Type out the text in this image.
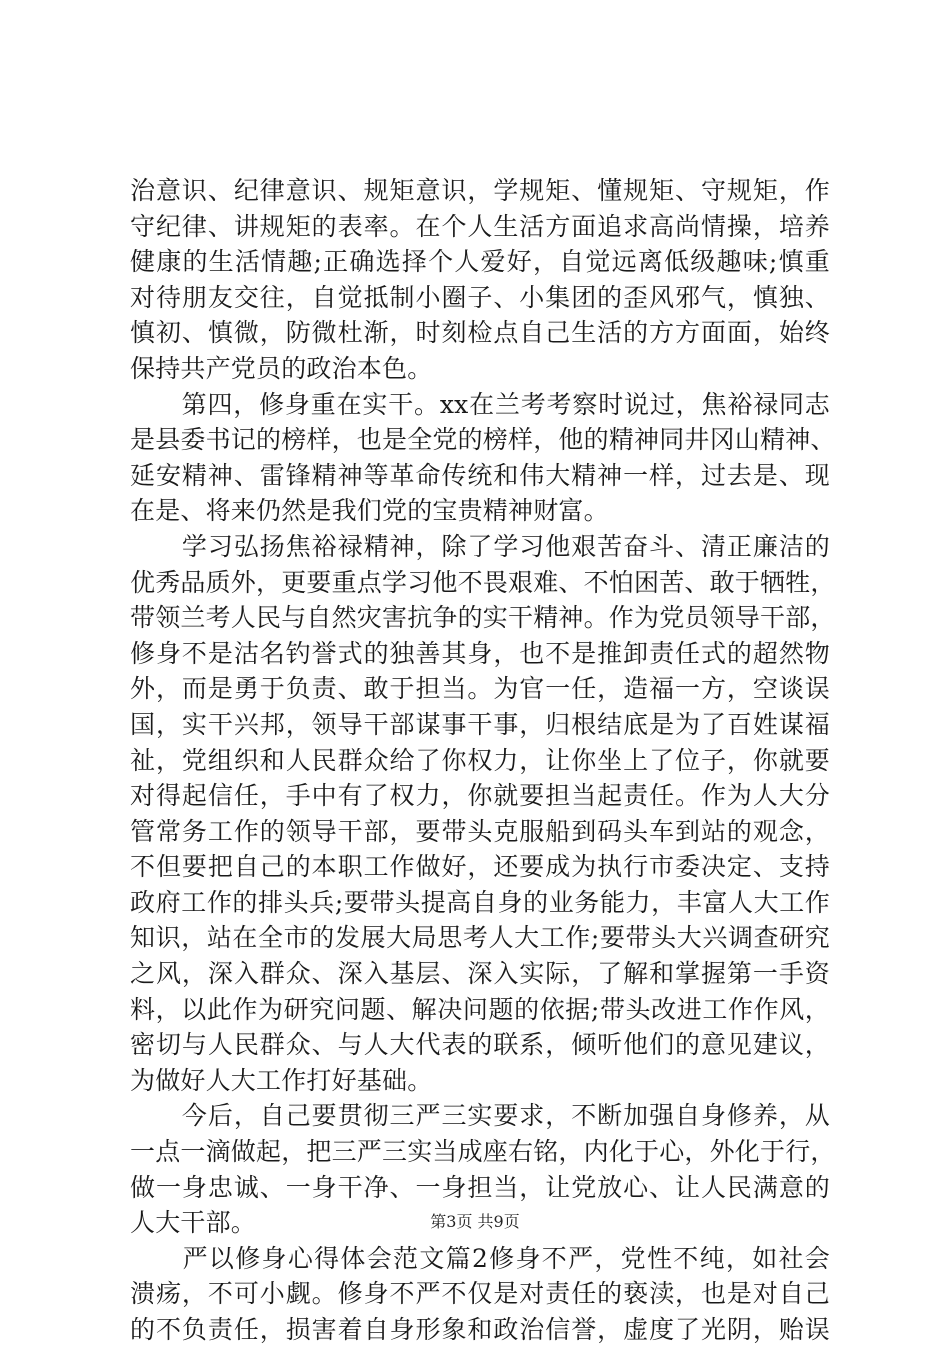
治意识、纪律意识、规矩意识，学规矩、懂规矩、守规矩，作
守纪律、讲规矩的表率。在个人生活方面追求高尚情操，培养
健康的生活情趣;正确选择个人爱好，自觉远离低级趣味;慎重
对待朋友交往，自觉抵制小圈子、小集团的歪风邪气，慎独、
慎初、慎微，防微杜渐，时刻检点自己生活的方方面面，始终
保持共产党员的政治本色。
　　第四，修身重在实干。xx在兰考考察时说过，焦裕禄同志
是县委书记的榜样，也是全党的榜样，他的精神同井冈山精神、
延安精神、雷锋精神等革命传统和伟大精神一样，过去是、现
在是、将来仍然是我们党的宝贵精神财富。
　　学习弘扬焦裕禄精神，除了学习他艰苦奋斗、清正廉洁的
优秀品质外，更要重点学习他不畏艰难、不怕困苦、敢于牺牲，
带领兰考人民与自然灾害抗争的实干精神。作为党员领导干部，
修身不是沽名钓誉式的独善其身，也不是推卸责任式的超然物
外，而是勇于负责、敢于担当。为官一任，造福一方，空谈误
国，实干兴邦，领导干部谋事干事，归根结底是为了百姓谋福
祉，党组织和人民群众给了你权力，让你坐上了位子，你就要
对得起信任，手中有了权力，你就要担当起责任。作为人大分
管常务工作的领导干部，要带头克服船到码头车到站的观念，
不但要把自己的本职工作做好，还要成为执行市委决定、支持
政府工作的排头兵;要带头提高自身的业务能力，丰富人大工作
知识，站在全市的发展大局思考人大工作;要带头大兴调查研究
之风，深入群众、深入基层、深入实际，了解和掌握第一手资
料，以此作为研究问题、解决问题的依据;带头改进工作作风，
密切与人民群众、与人大代表的联系，倾听他们的意见建议，
为做好人大工作打好基础。
　　今后，自己要贯彻三严三实要求，不断加强自身修养，从
一点一滴做起，把三严三实当成座右铭，内化于心，外化于行，
做一身忠诚、一身干净、一身担当，让党放心、让人民满意的
人大干部。
　　严以修身心得体会范文篇2修身不严，党性不纯，如社会
溃疡，不可小觑。修身不严不仅是对责任的亵渎，也是对自己
的不负责任，损害着自身形象和政治信誉，虚度了光阴，贻误
第3页 共9页
